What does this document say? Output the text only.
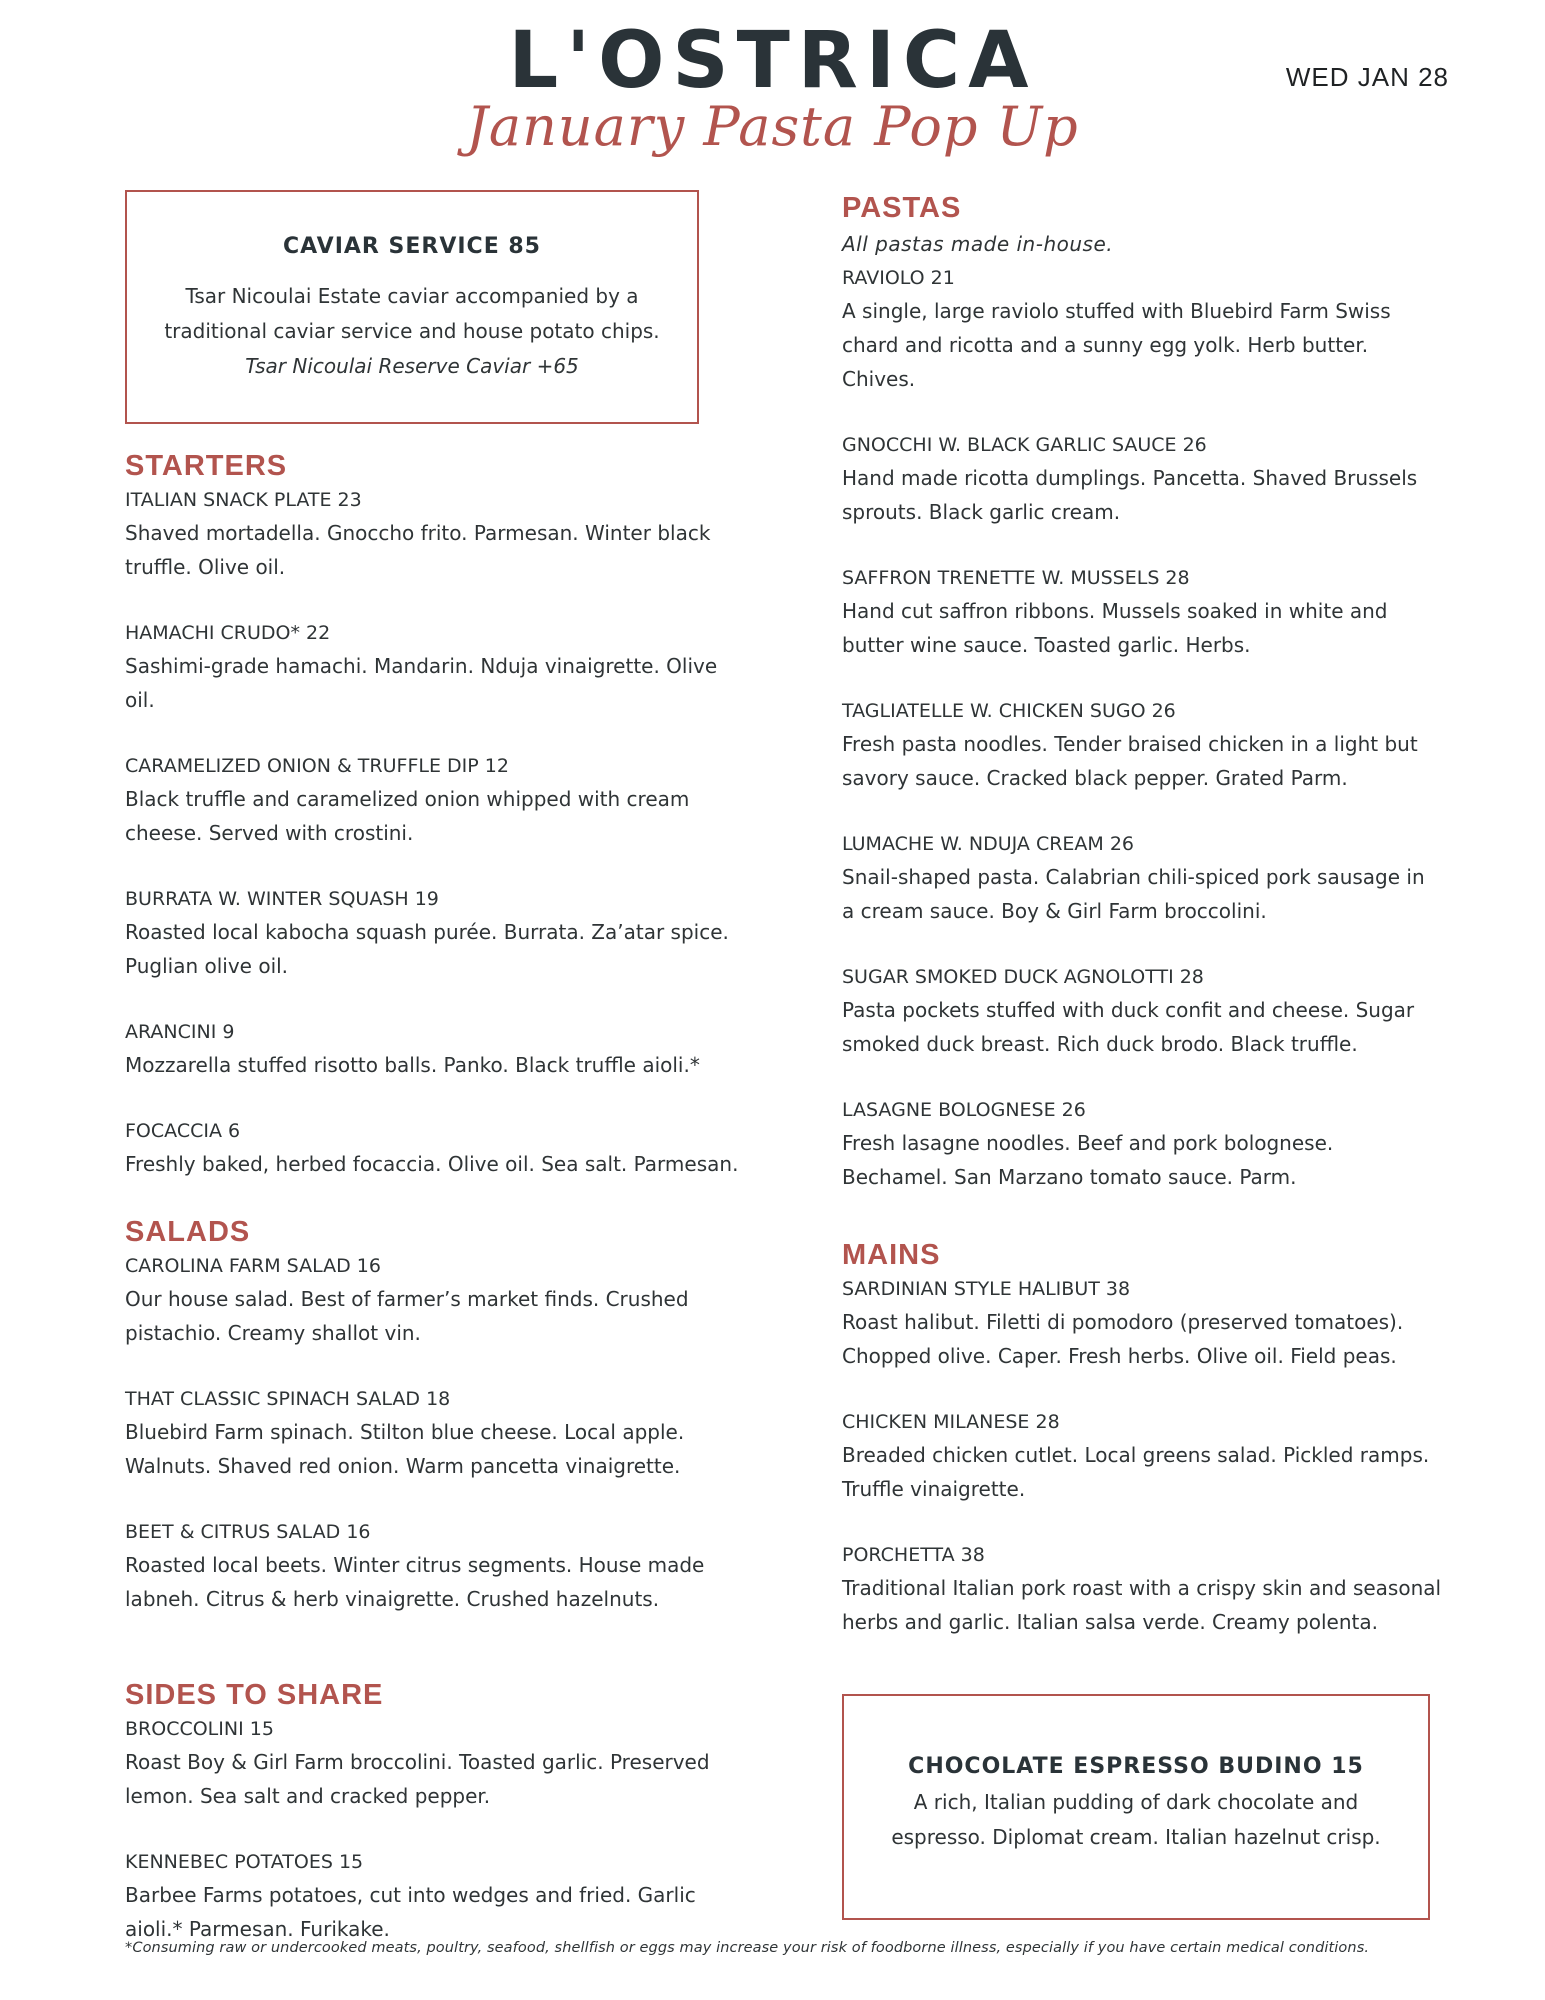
L'OSTRICA
January Pasta Pop Up
WED JAN 28
CAVIAR SERVICE 85
Tsar Nicoulai Estate caviar accompanied by a traditional caviar service and house potato chips.
Tsar Nicoulai Reserve Caviar +65
STARTERS
ITALIAN SNACK PLATE 23
Shaved mortadella. Gnoccho frito. Parmesan. Winter black truffle. Olive oil.
HAMACHI CRUDO* 22
Sashimi-grade hamachi. Mandarin. Nduja vinaigrette. Olive oil.
CARAMELIZED ONION & TRUFFLE DIP 12
Black truffle and caramelized onion whipped with cream cheese. Served with crostini.
BURRATA W. WINTER SQUASH 19
Roasted local kabocha squash purée. Burrata. Za’atar spice. Puglian olive oil.
ARANCINI 9
Mozzarella stuffed risotto balls. Panko. Black truffle aioli.*
FOCACCIA 6
Freshly baked, herbed focaccia. Olive oil. Sea salt. Parmesan.
SALADS
CAROLINA FARM SALAD 16
Our house salad. Best of farmer’s market finds. Crushed pistachio. Creamy shallot vin.
THAT CLASSIC SPINACH SALAD 18
Bluebird Farm spinach. Stilton blue cheese. Local apple. Walnuts. Shaved red onion. Warm pancetta vinaigrette.
BEET & CITRUS SALAD 16
Roasted local beets. Winter citrus segments. House made labneh. Citrus & herb vinaigrette. Crushed hazelnuts.
SIDES TO SHARE
BROCCOLINI 15
Roast Boy & Girl Farm broccolini. Toasted garlic. Preserved lemon. Sea salt and cracked pepper.
KENNEBEC POTATOES 15
Barbee Farms potatoes, cut into wedges and fried. Garlic aioli.* Parmesan. Furikake.
PASTAS
All pastas made in-house.
RAVIOLO 21
A single, large raviolo stuffed with Bluebird Farm Swiss chard and ricotta and a sunny egg yolk. Herb butter. Chives.
GNOCCHI W. BLACK GARLIC SAUCE 26
Hand made ricotta dumplings. Pancetta. Shaved Brussels sprouts. Black garlic cream.
SAFFRON TRENETTE W. MUSSELS 28
Hand cut saffron ribbons. Mussels soaked in white and butter wine sauce. Toasted garlic. Herbs.
TAGLIATELLE W. CHICKEN SUGO 26
Fresh pasta noodles. Tender braised chicken in a light but savory sauce. Cracked black pepper. Grated Parm.
LUMACHE W. NDUJA CREAM 26
Snail-shaped pasta. Calabrian chili-spiced pork sausage in a cream sauce. Boy & Girl Farm broccolini.
SUGAR SMOKED DUCK AGNOLOTTI 28
Pasta pockets stuffed with duck confit and cheese. Sugar smoked duck breast. Rich duck brodo. Black truffle.
LASAGNE BOLOGNESE 26
Fresh lasagne noodles. Beef and pork bolognese. Bechamel. San Marzano tomato sauce. Parm.
MAINS
SARDINIAN STYLE HALIBUT 38
Roast halibut. Filetti di pomodoro (preserved tomatoes). Chopped olive. Caper. Fresh herbs. Olive oil. Field peas.
CHICKEN MILANESE 28
Breaded chicken cutlet. Local greens salad. Pickled ramps. Truffle vinaigrette.
PORCHETTA 38
Traditional Italian pork roast with a crispy skin and seasonal herbs and garlic. Italian salsa verde. Creamy polenta.
CHOCOLATE ESPRESSO BUDINO 15
A rich, Italian pudding of dark chocolate and espresso. Diplomat cream. Italian hazelnut crisp.
*Consuming raw or undercooked meats, poultry, seafood, shellfish or eggs may increase your risk of foodborne illness, especially if you have certain medical conditions.
